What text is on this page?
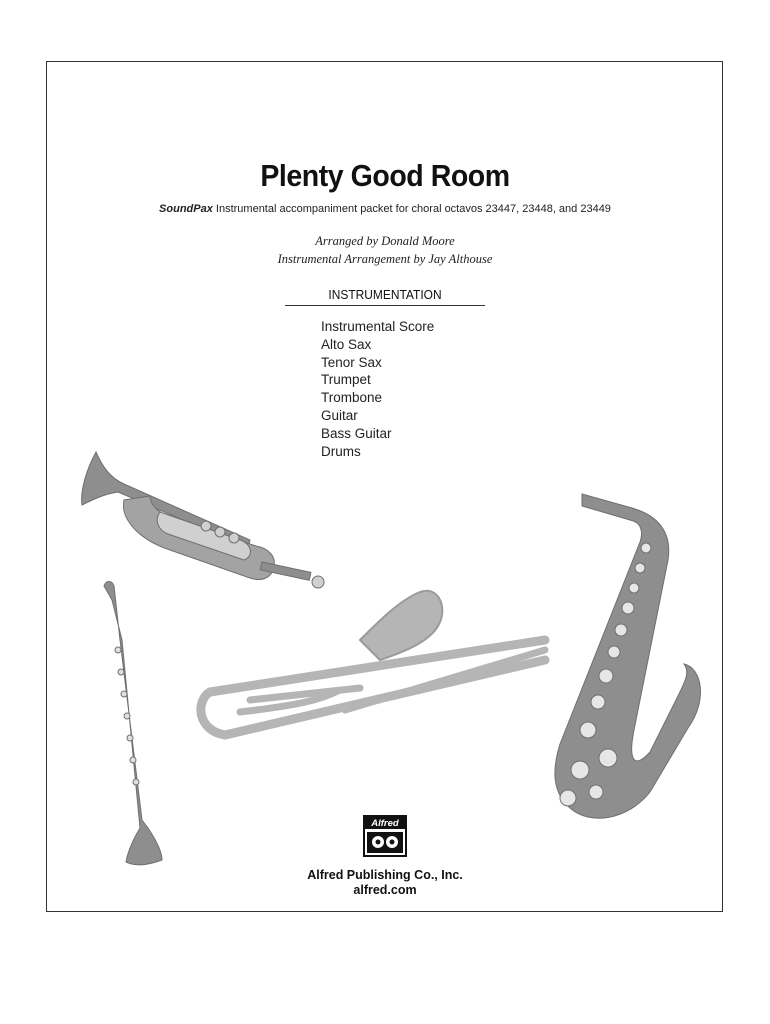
Plenty Good Room
SoundPax Instrumental accompaniment packet for choral octavos 23447, 23448, and 23449
Arranged by Donald Moore
Instrumental Arrangement by Jay Althouse
INSTRUMENTATION
Instrumental Score
Alto Sax
Tenor Sax
Trumpet
Trombone
Guitar
Bass Guitar
Drums
Alfred
Alfred Publishing Co., Inc.
alfred.com
